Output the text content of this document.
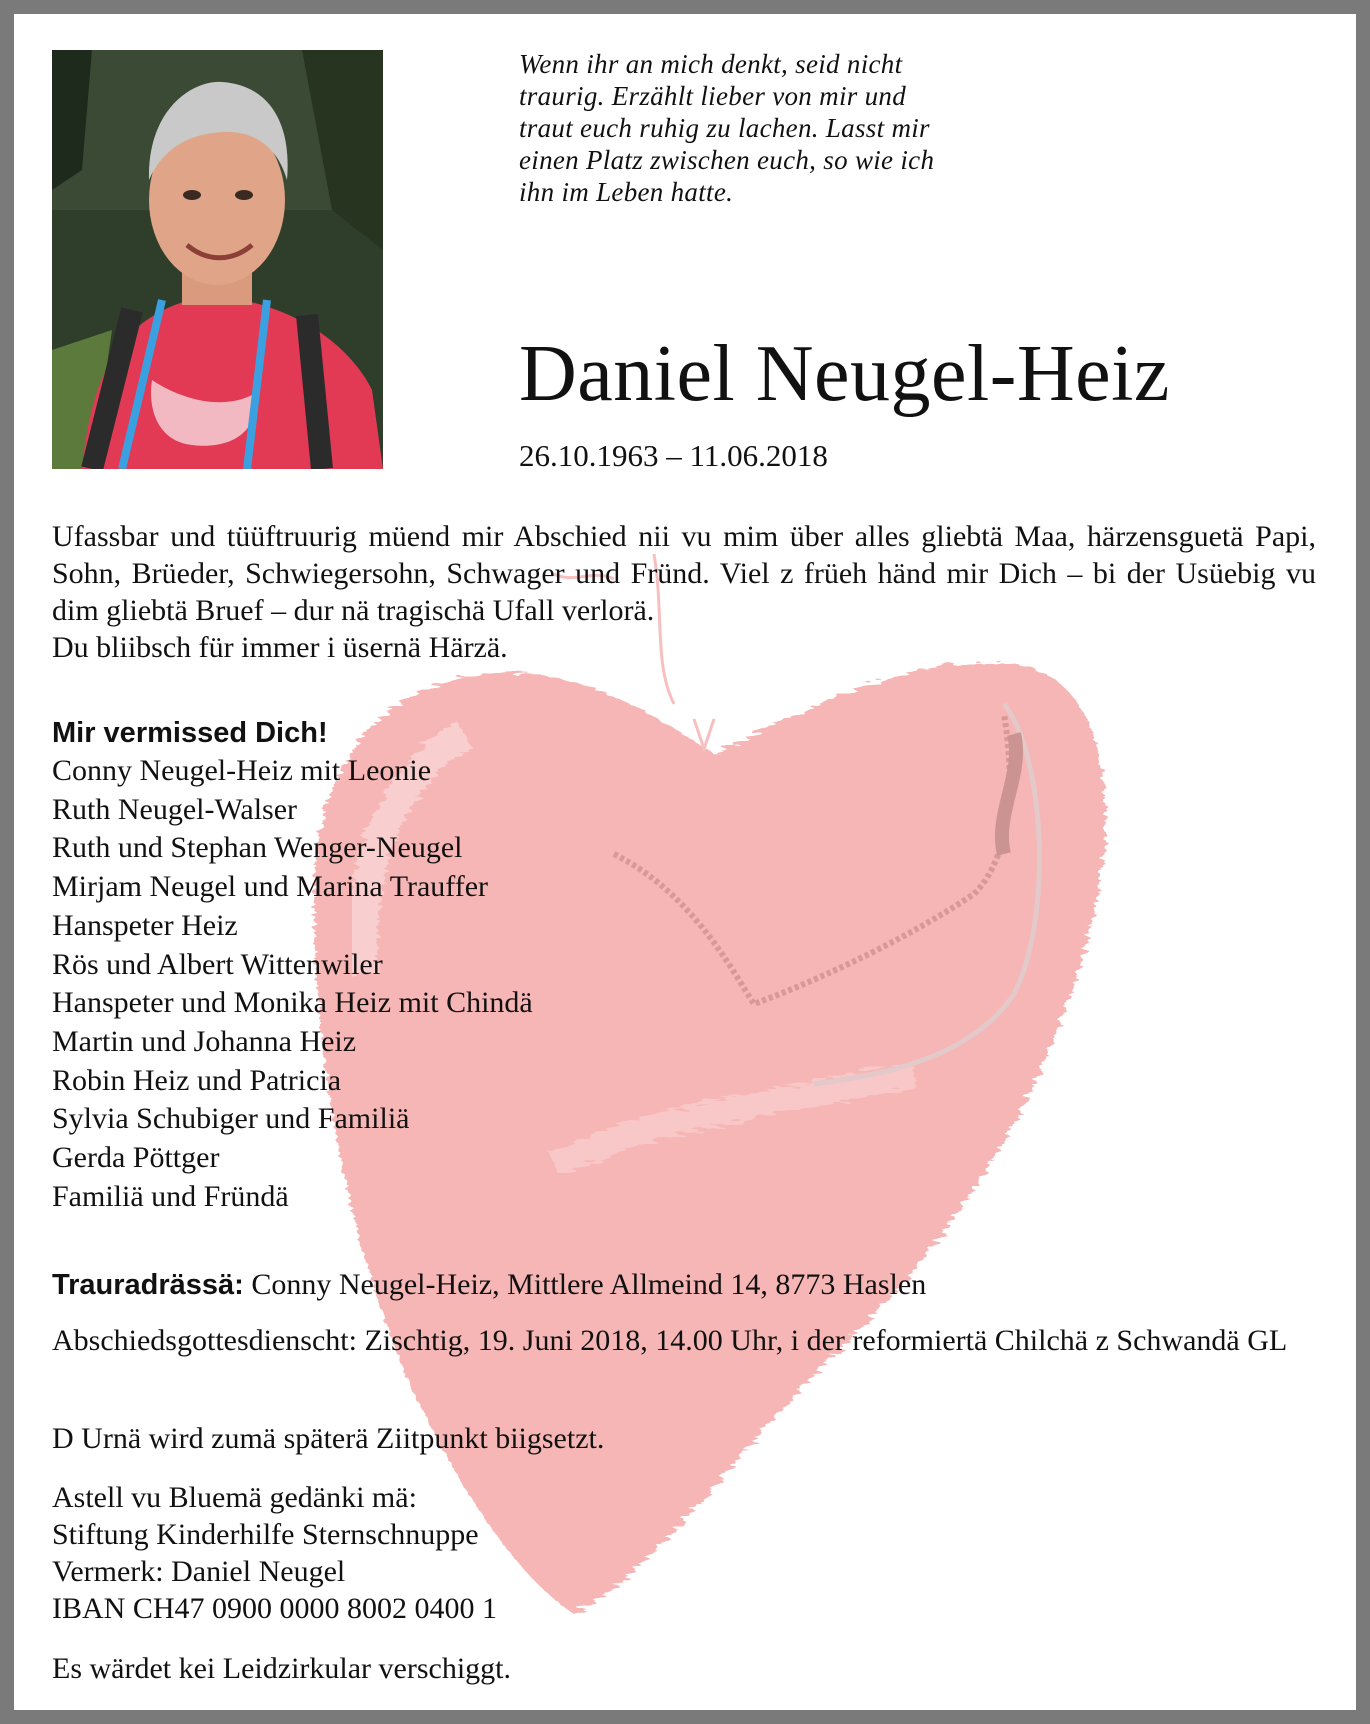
Wenn ihr an mich denkt, seid nicht
traurig. Erzählt lieber von mir und
traut euch ruhig zu lachen. Lasst mir
einen Platz zwischen euch, so wie ich
ihn im Leben hatte.
Daniel Neugel-Heiz
26.10.1963 – 11.06.2018

Ufassbar und tüüftruurig müend mir Abschied nii vu mim über alles gliebtä Maa, härzensguetä Papi, Sohn, Brüeder, Schwiegersohn, Schwager und Fründ. Viel z früeh händ mir Dich – bi der Usüebig vu dim gliebtä Bruef – dur nä tragischä Ufall verlorä.

Du bliibsch für immer i üsernä Härzä.

Mir vermissed Dich!
Conny Neugel-Heiz mit Leonie
Ruth Neugel-Walser
Ruth und Stephan Wenger-Neugel
Mirjam Neugel und Marina Trauffer
Hanspeter Heiz
Rös und Albert Wittenwiler
Hanspeter und Monika Heiz mit Chindä
Martin und Johanna Heiz
Robin Heiz und Patricia
Sylvia Schubiger und Familiä
Gerda Pöttger
Familiä und Fründä
Trauradrässä: Conny Neugel-Heiz, Mittlere Allmeind 14, 8773 Haslen
Abschiedsgottesdienscht: Zischtig, 19. Juni 2018, 14.00 Uhr, i der reformiertä Chilchä z Schwandä GL
D Urnä wird zumä späterä Ziitpunkt biigsetzt.
Astell vu Bluemä gedänki mä:
Stiftung Kinderhilfe Sternschnuppe
Vermerk: Daniel Neugel
IBAN CH47 0900 0000 8002 0400 1
Es wärdet kei Leidzirkular verschiggt.
